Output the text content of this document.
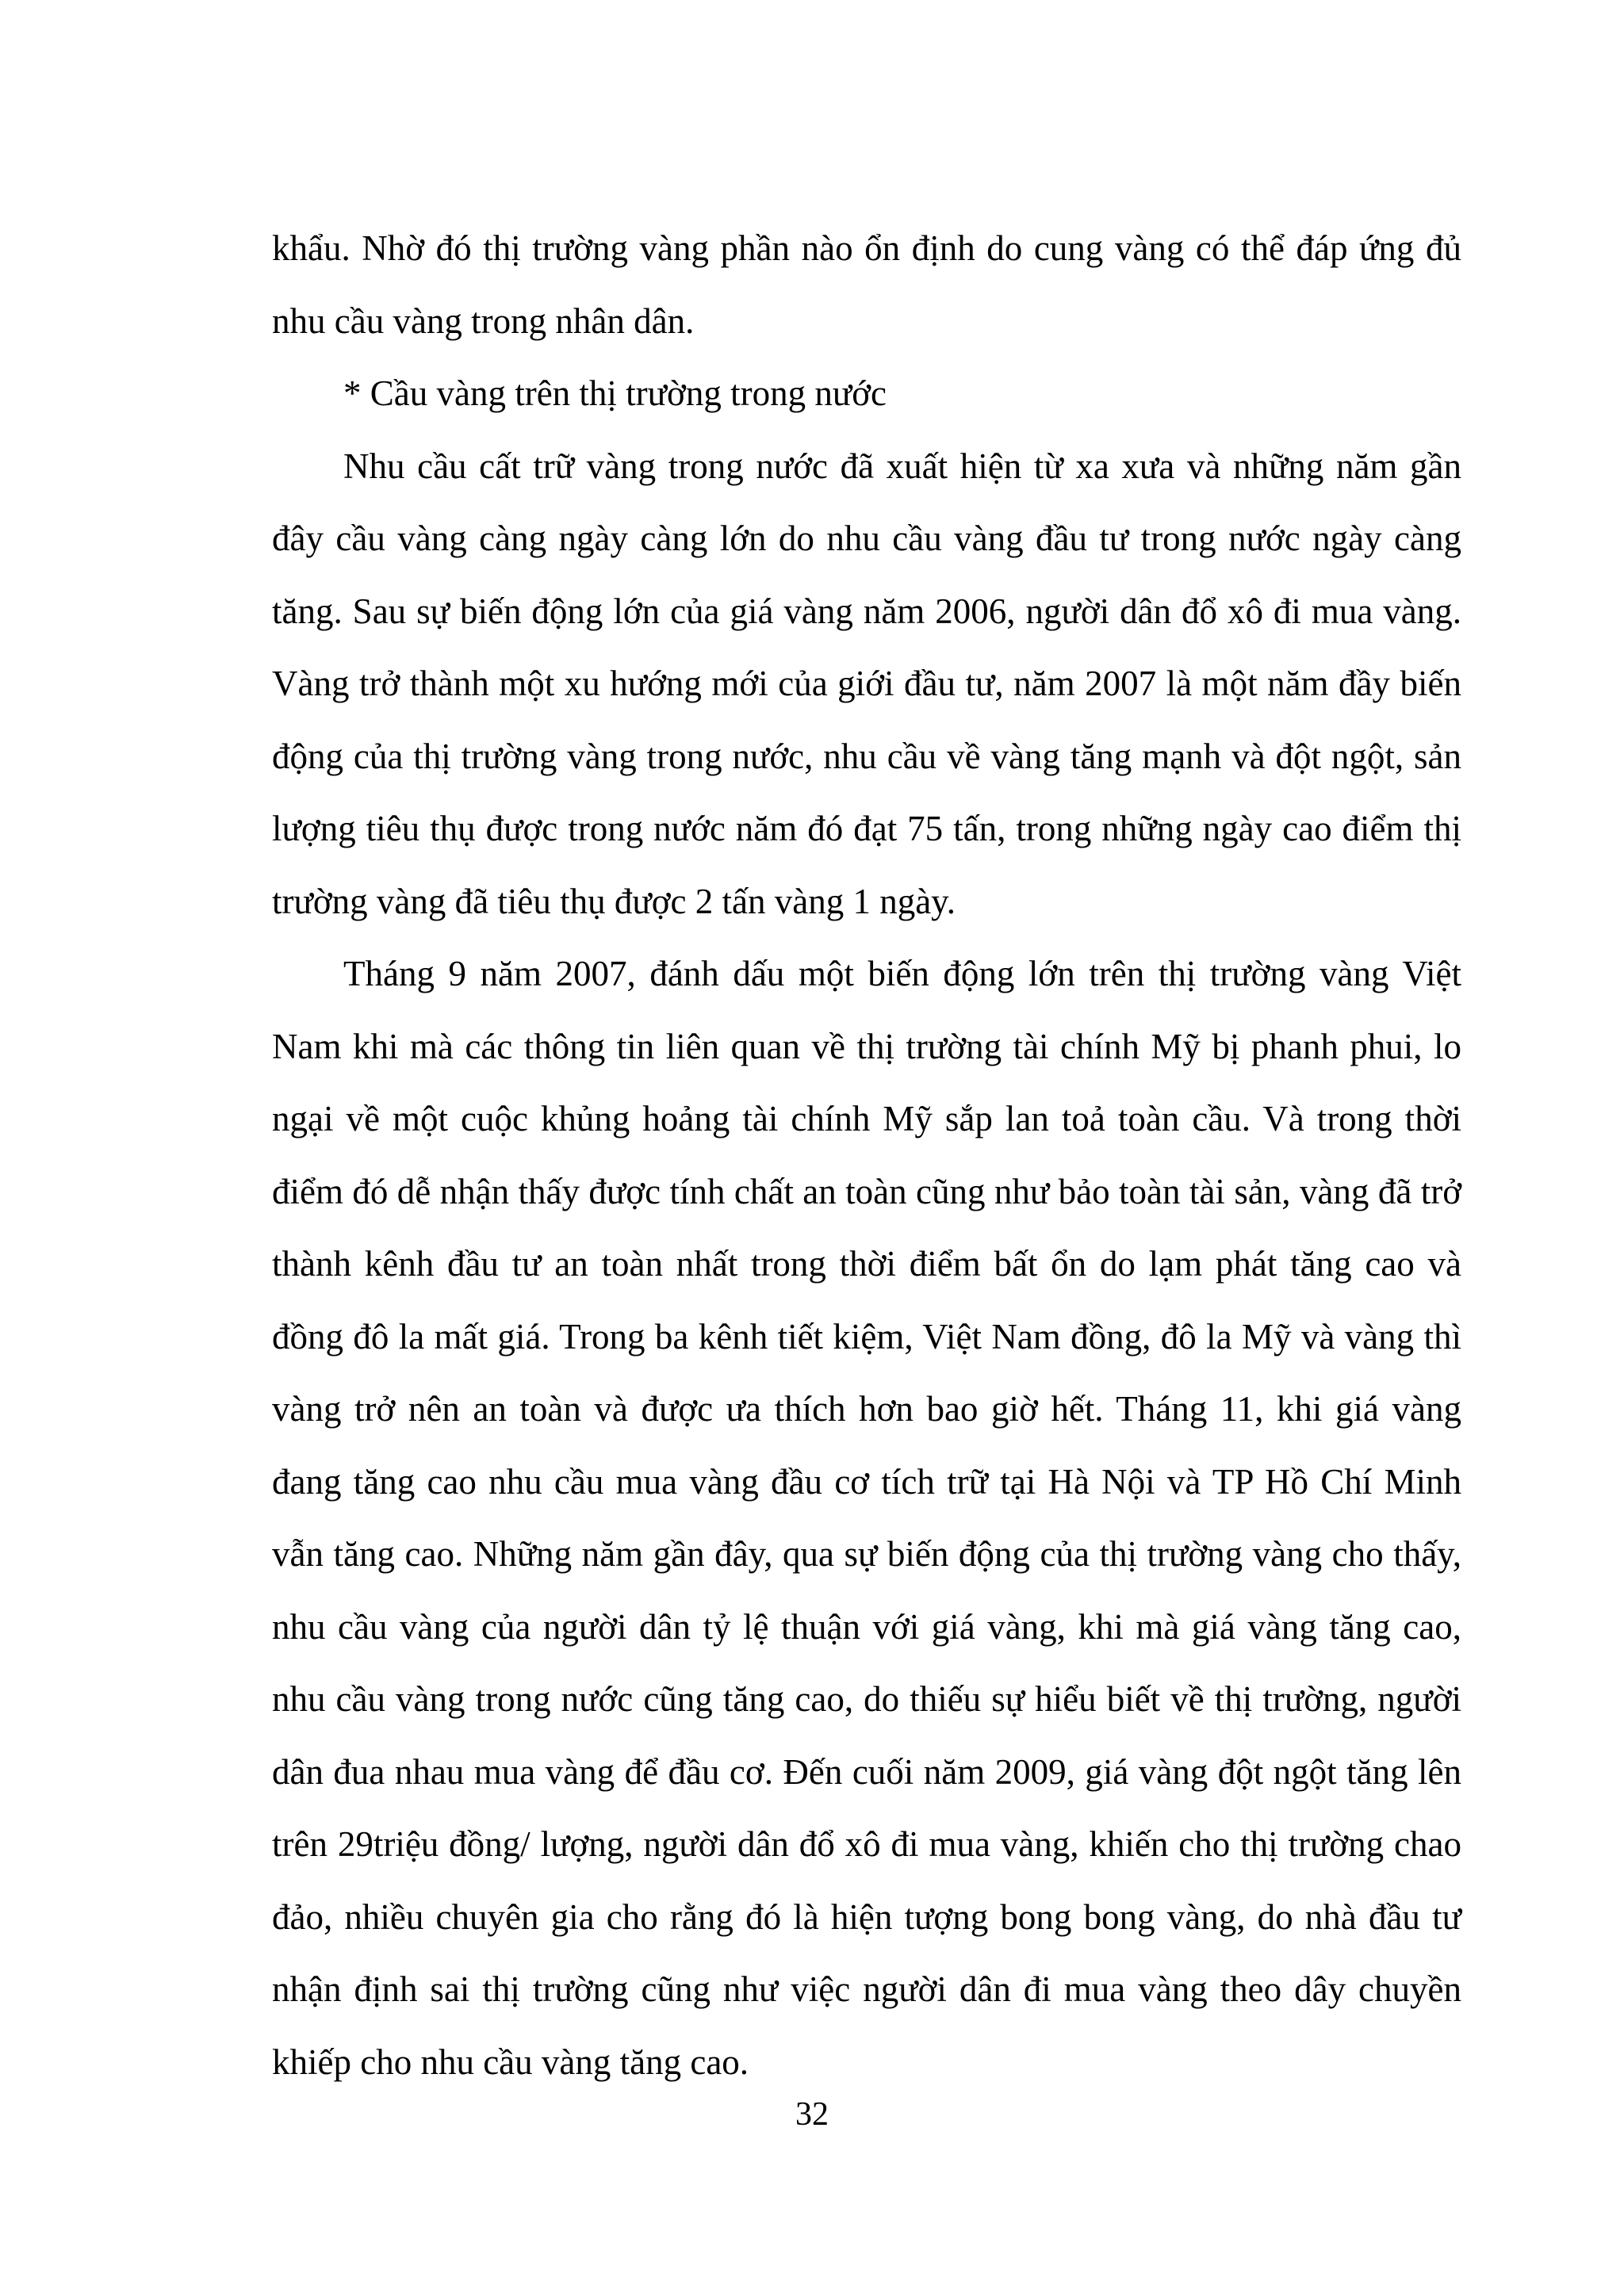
khẩu. Nhờ đó thị trường vàng phần nào ổn định do cung vàng có thể đáp ứng đủ nhu cầu vàng trong nhân dân.

* Cầu vàng trên thị trường trong nước

Nhu cầu cất trữ vàng trong nước đã xuất hiện từ xa xưa và những năm gần đây cầu vàng càng ngày càng lớn do nhu cầu vàng đầu tư trong nước ngày càng tăng. Sau sự biến động lớn của giá vàng năm 2006, người dân đổ xô đi mua vàng. Vàng trở thành một xu hướng mới của giới đầu tư, năm 2007 là một năm đầy biến động của thị trường vàng trong nước, nhu cầu về vàng tăng mạnh và đột ngột, sản lượng tiêu thụ được trong nước năm đó đạt 75 tấn, trong những ngày cao điểm thị trường vàng đã tiêu thụ được 2 tấn vàng 1 ngày.

Tháng 9 năm 2007, đánh dấu một biến động lớn trên thị trường vàng Việt Nam khi mà các thông tin liên quan về thị trường tài chính Mỹ bị phanh phui, lo ngại về một cuộc khủng hoảng tài chính Mỹ sắp lan toả toàn cầu. Và trong thời điểm đó dễ nhận thấy được tính chất an toàn cũng như bảo toàn tài sản, vàng đã trở thành kênh đầu tư an toàn nhất trong thời điểm bất ổn do lạm phát tăng cao và đồng đô la mất giá. Trong ba kênh tiết kiệm, Việt Nam đồng, đô la Mỹ và vàng thì vàng trở nên an toàn và được ưa thích hơn bao giờ hết. Tháng 11, khi giá vàng đang tăng cao nhu cầu mua vàng đầu cơ tích trữ tại Hà Nội và TP Hồ Chí Minh vẫn tăng cao. Những năm gần đây, qua sự biến động của thị trường vàng cho thấy, nhu cầu vàng của người dân tỷ lệ thuận với giá vàng, khi mà giá vàng tăng cao, nhu cầu vàng trong nước cũng tăng cao, do thiếu sự hiểu biết về thị trường, người dân đua nhau mua vàng để đầu cơ. Đến cuối năm 2009, giá vàng đột ngột tăng lên trên 29triệu đồng/ lượng, người dân đổ xô đi mua vàng, khiến cho thị trường chao đảo, nhiều chuyên gia cho rằng đó là hiện tượng bong bong vàng, do nhà đầu tư nhận định sai thị trường cũng như việc người dân đi mua vàng theo dây chuyền khiếp cho nhu cầu vàng tăng cao.

32
